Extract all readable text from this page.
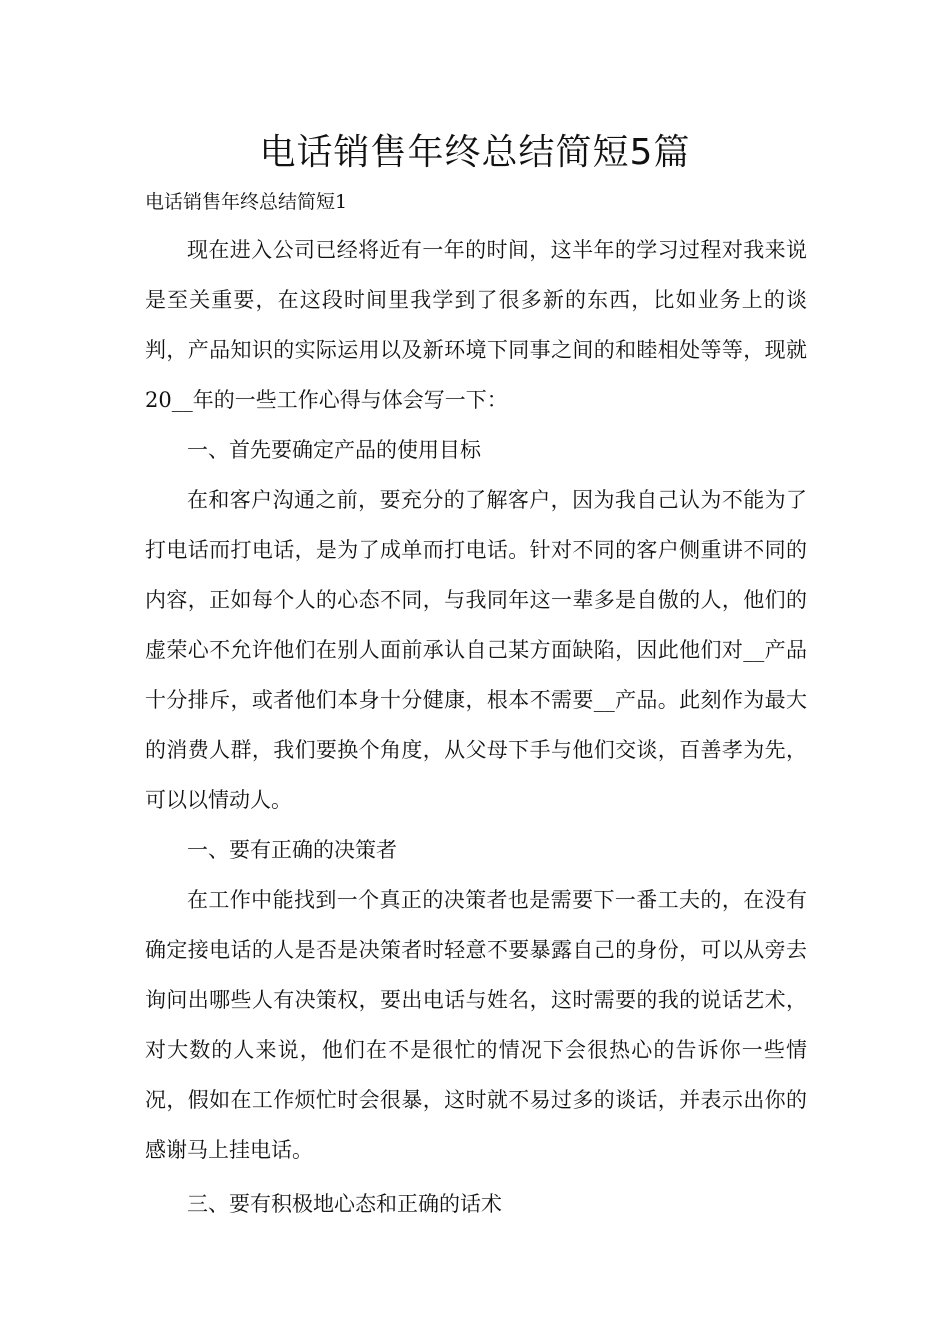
电话销售年终总结简短5篇

电话销售年终总结简短1

现在进入公司已经将近有一年的时间，这半年的学习过程对我来说是至关重要，在这段时间里我学到了很多新的东西，比如业务上的谈判，产品知识的实际运用以及新环境下同事之间的和睦相处等等，现就20__年的一些工作心得与体会写一下：

一、首先要确定产品的使用目标

在和客户沟通之前，要充分的了解客户，因为我自己认为不能为了打电话而打电话，是为了成单而打电话。针对不同的客户侧重讲不同的内容，正如每个人的心态不同，与我同年这一辈多是自傲的人，他们的虚荣心不允许他们在别人面前承认自己某方面缺陷，因此他们对__产品十分排斥，或者他们本身十分健康，根本不需要__产品。此刻作为最大的消费人群，我们要换个角度，从父母下手与他们交谈，百善孝为先，可以以情动人。

一、要有正确的决策者

在工作中能找到一个真正的决策者也是需要下一番工夫的，在没有确定接电话的人是否是决策者时轻意不要暴露自己的身份，可以从旁去询问出哪些人有决策权，要出电话与姓名，这时需要的我的说话艺术，对大数的人来说，他们在不是很忙的情况下会很热心的告诉你一些情况，假如在工作烦忙时会很暴，这时就不易过多的谈话，并表示出你的感谢马上挂电话。

三、要有积极地心态和正确的话术
